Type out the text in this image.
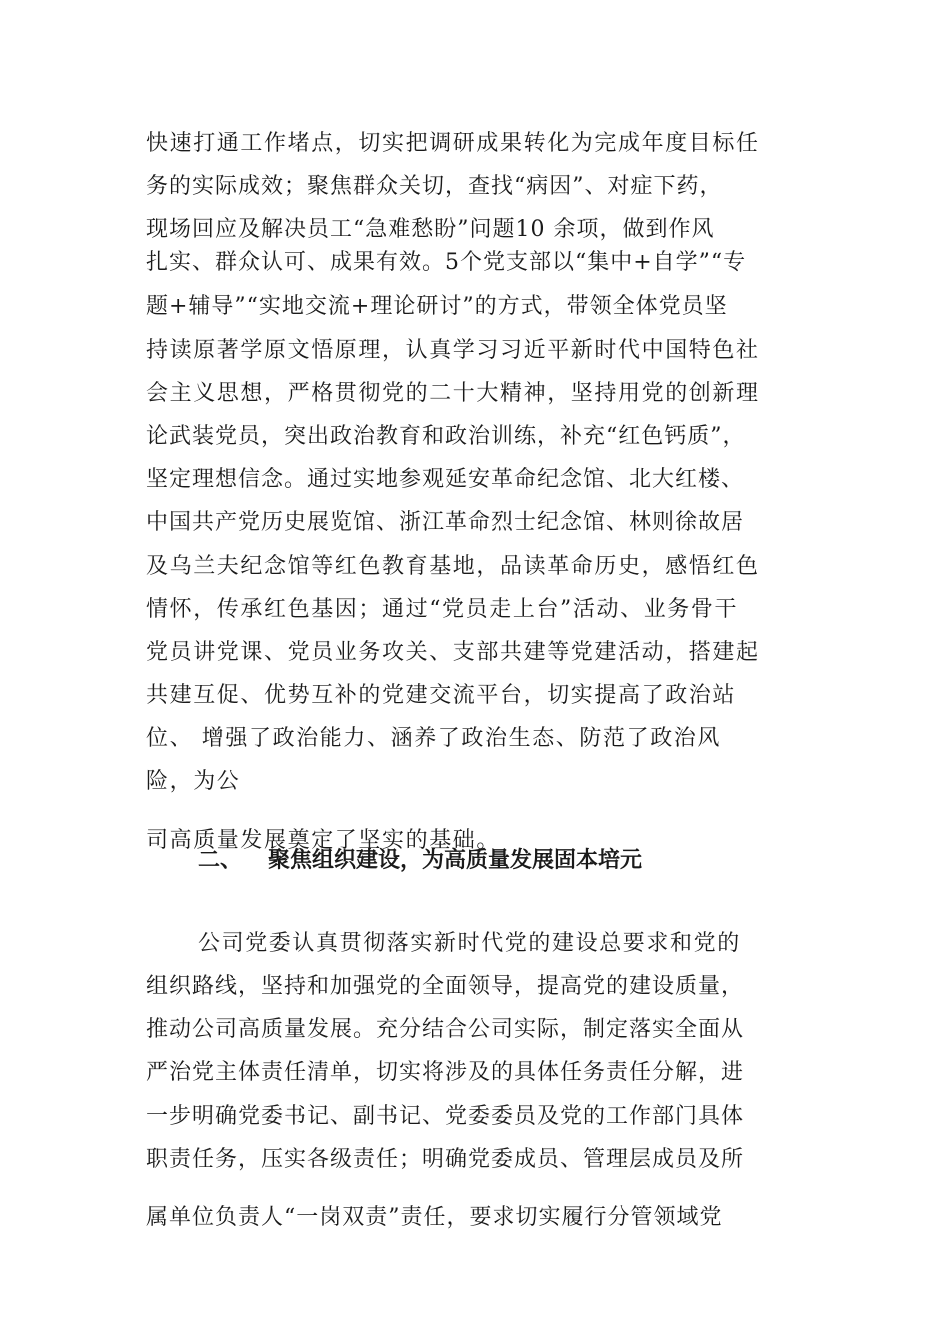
快速打通工作堵点，切实把调研成果转化为完成年度目标任
务的实际成效；聚焦群众关切，查找“病因”、对症下药，
现场回应及解决员工“急难愁盼”问题10 余项，做到作风
扎实、群众认可、成果有效。5个党支部以“集中+自学”“专
题+辅导”“实地交流+理论研讨”的方式，带领全体党员坚
持读原著学原文悟原理，认真学习习近平新时代中国特色社
会主义思想，严格贯彻党的二十大精神，坚持用党的创新理
论武装党员，突出政治教育和政治训练，补充“红色钙质”，
坚定理想信念。通过实地参观延安革命纪念馆、北大红楼、
中国共产党历史展览馆、浙江革命烈士纪念馆、林则徐故居
及乌兰夫纪念馆等红色教育基地，品读革命历史，感悟红色
情怀，传承红色基因；通过“党员走上台”活动、业务骨干
党员讲党课、党员业务攻关、支部共建等党建活动，搭建起
共建互促、优势互补的党建交流平台，切实提高了政治站
位、 增强了政治能力、涵养了政治生态、防范了政治风
险，为公
司高质量发展奠定了坚实的基础。
二、 聚焦组织建设，为高质量发展固本培元
公司党委认真贯彻落实新时代党的建设总要求和党的
组织路线，坚持和加强党的全面领导，提高党的建设质量，
推动公司高质量发展。充分结合公司实际，制定落实全面从
严治党主体责任清单，切实将涉及的具体任务责任分解，进
一步明确党委书记、副书记、党委委员及党的工作部门具体
职责任务，压实各级责任；明确党委成员、管理层成员及所
属单位负责人“一岗双责”责任，要求切实履行分管领域党
